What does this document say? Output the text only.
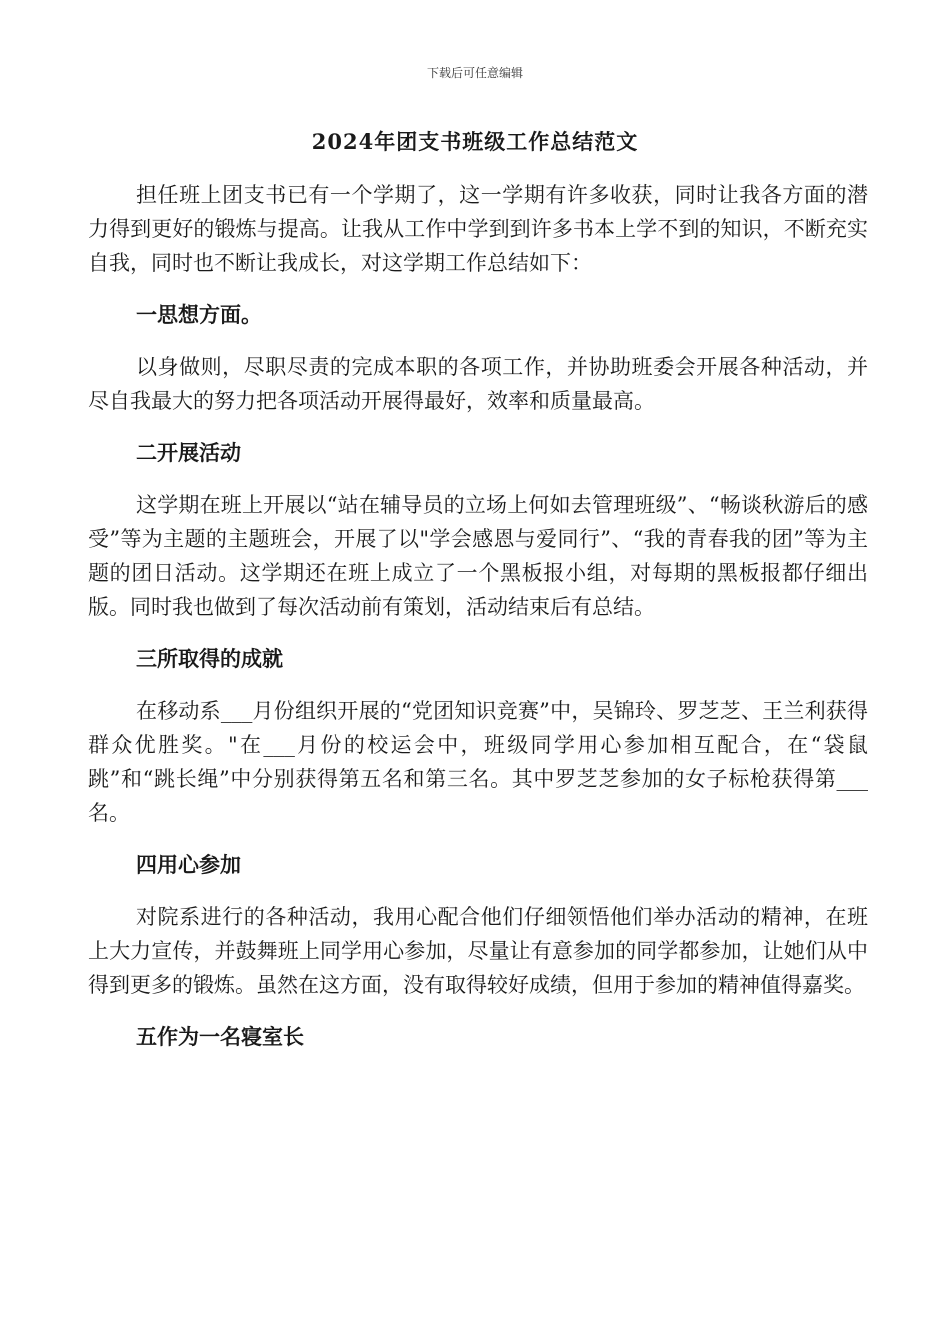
下载后可任意编辑
2024年团支书班级工作总结范文

担任班上团支书已有一个学期了，这一学期有许多收获，同时让我各方面的潜力得到更好的锻炼与提高。让我从工作中学到到许多书本上学不到的知识，不断充实自我，同时也不断让我成长，对这学期工作总结如下：

一思想方面。

以身做则，尽职尽责的完成本职的各项工作，并协助班委会开展各种活动，并尽自我最大的努力把各项活动开展得最好，效率和质量最高。

二开展活动

这学期在班上开展以“站在辅导员的立场上何如去管理班级”、“畅谈秋游后的感受”等为主题的主题班会，开展了以"学会感恩与爱同行”、“我的青春我的团”等为主题的团日活动。这学期还在班上成立了一个黑板报小组，对每期的黑板报都仔细出版。同时我也做到了每次活动前有策划，活动结束后有总结。

三所取得的成就

在移动系___月份组织开展的“党团知识竞赛”中，吴锦玲、罗芝芝、王兰利获得群众优胜奖。"在___月份的校运会中，班级同学用心参加相互配合，在“袋鼠跳”和“跳长绳”中分别获得第五名和第三名。其中罗芝芝参加的女子标枪获得第___名。

四用心参加

对院系进行的各种活动，我用心配合他们仔细领悟他们举办活动的精神，在班上大力宣传，并鼓舞班上同学用心参加，尽量让有意参加的同学都参加，让她们从中得到更多的锻炼。虽然在这方面，没有取得较好成绩，但用于参加的精神值得嘉奖。

五作为一名寝室长
